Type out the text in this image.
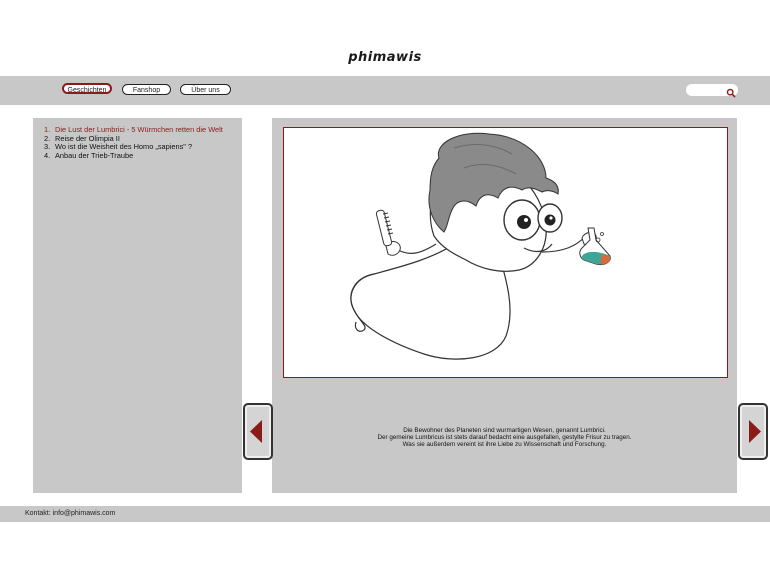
phimawis
Geschichten	Fanshop	Über uns
1. Die Lust der Lumbrici - 5 Würmchen retten die Welt
2. Reise der Olimpia II
3. Wo ist die Weisheit des Homo „sapiens" ?
4. Anbau der Trieb-Traube
Die Bewohner des Planeten sind wurmartigen Wesen, genannt Lumbrici.
Der gemeine Lumbricus ist stets darauf bedacht eine ausgefallen, gestylte Frisur zu tragen.
Was sie außerdem vereint ist ihre Liebe zu Wissenschaft und Forschung.
Kontakt: info@phimawis.com
